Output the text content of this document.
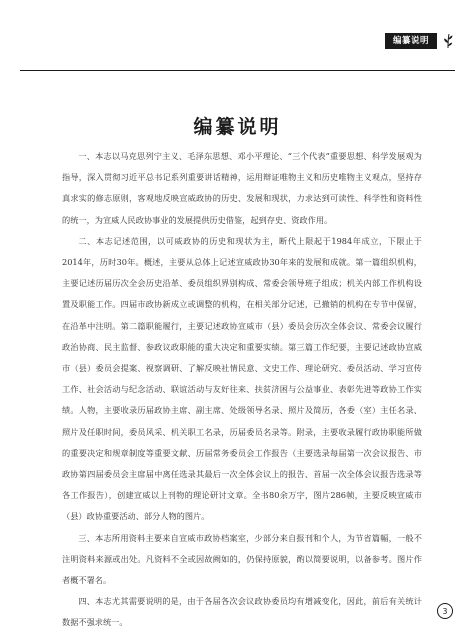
编纂说明
编纂说明

一、本志以马克思列宁主义、毛泽东思想、邓小平理论、“三个代表”重要思想、科学发展观为指导，深入贯彻习近平总书记系列重要讲话精神，运用辩证唯物主义和历史唯物主义观点，坚持存真求实的修志原则，客观地反映宣威政协的历史、发展和现状，力求达到可读性、科学性和资料性的统一，为宣威人民政协事业的发展提供历史借鉴，起到存史、资政作用。

二、本志记述范围，以可威政协的历史和现状为主，断代上限起于1984年成立，下限止于2014年，历时30年。概述，主要从总体上记述宣威政协30年来的发展和成就。第一篇组织机构，主要记述历届历次全会历史沿革、委员组织界别构成、常委会领导班子组成；机关内部工作机构设置及职能工作。四届市政协新成立或调整的机构，在相关部分记述，已撤销的机构在专节中保留，在沿革中注明。第二篇职能履行，主要记述政协宣威市（县）委员会历次全体会议、常委会议履行政治协商、民主监督、参政议政职能的重大决定和重要实绩。第三篇工作纪要，主要记述政协宣威市（县）委员会提案、视察调研、了解反映社情民意、文史工作、理论研究、委员活动、学习宣传工作、社会活动与纪念活动、联谊活动与友好往来、扶贫济困与公益事业、表彰先进等政协工作实绩。人物，主要收录历届政协主席、副主席、处级领导名录、照片及简历，各委（室）主任名录、照片及任职时间，委员风采、机关职工名录，历届委员名录等。附录，主要收录履行政协职能所做的重要决定和规章制度等重要文献、历届常务委员会工作报告（主要选录每届第一次会议报告、市政协第四届委员会主席届中离任选录其最后一次全体会议上的报告、首届一次全体会议报告选录等各工作报告），创建宣威以上刊物的理论研讨文章。全书80余万字，图片286帧，主要反映宣威市（县）政协重要活动、部分人物的图片。

三、本志所用资料主要来自宣威市政协档案室，少部分来自报刊和个人，为节省篇幅，一般不注明资料来源或出处。凡资料不全或因故阙如的，仍保持原貌，酌以简要说明，以备参考。图片作者概不署名。

四、本志尤其需要说明的是，由于各届各次会议政协委员均有增减变化，因此，前后有关统计数据不强求统一。

3
